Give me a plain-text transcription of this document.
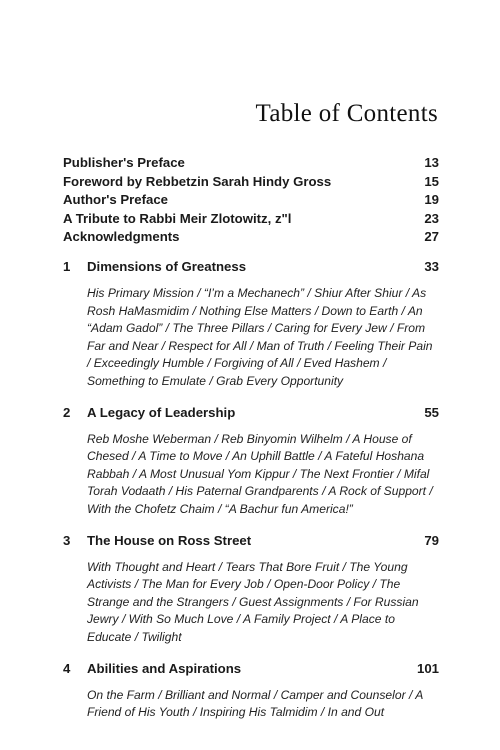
Table of Contents
Publisher's Preface	13
Foreword by Rebbetzin Sarah Hindy Gross	15
Author's Preface	19
A Tribute to Rabbi Meir Zlotowitz, z"l	23
Acknowledgments	27
1	Dimensions of Greatness	33
His Primary Mission / “I’m a Mechanech” / Shiur After Shiur / As Rosh HaMasmidim / Nothing Else Matters / Down to Earth / An “Adam Gadol” / The Three Pillars / Caring for Every Jew / From Far and Near / Respect for All / Man of Truth / Feeling Their Pain / Exceedingly Humble / Forgiving of All / Eved Hashem / Something to Emulate / Grab Every Opportunity
2	A Legacy of Leadership	55
Reb Moshe Weberman / Reb Binyomin Wilhelm / A House of Chesed / A Time to Move / An Uphill Battle / A Fateful Hoshana Rabbah / A Most Unusual Yom Kippur / The Next Frontier / Mifal Torah Vodaath / His Paternal Grandparents / A Rock of Support / With the Chofetz Chaim / “A Bachur fun America!”
3	The House on Ross Street	79
With Thought and Heart / Tears That Bore Fruit / The Young Activists / The Man for Every Job / Open-Door Policy / The Strange and the Strangers / Guest Assignments / For Russian Jewry / With So Much Love / A Family Project / A Place to Educate / Twilight
4	Abilities and Aspirations	101
On the Farm / Brilliant and Normal / Camper and Counselor / A Friend of His Youth / Inspiring His Talmidim / In and Out
